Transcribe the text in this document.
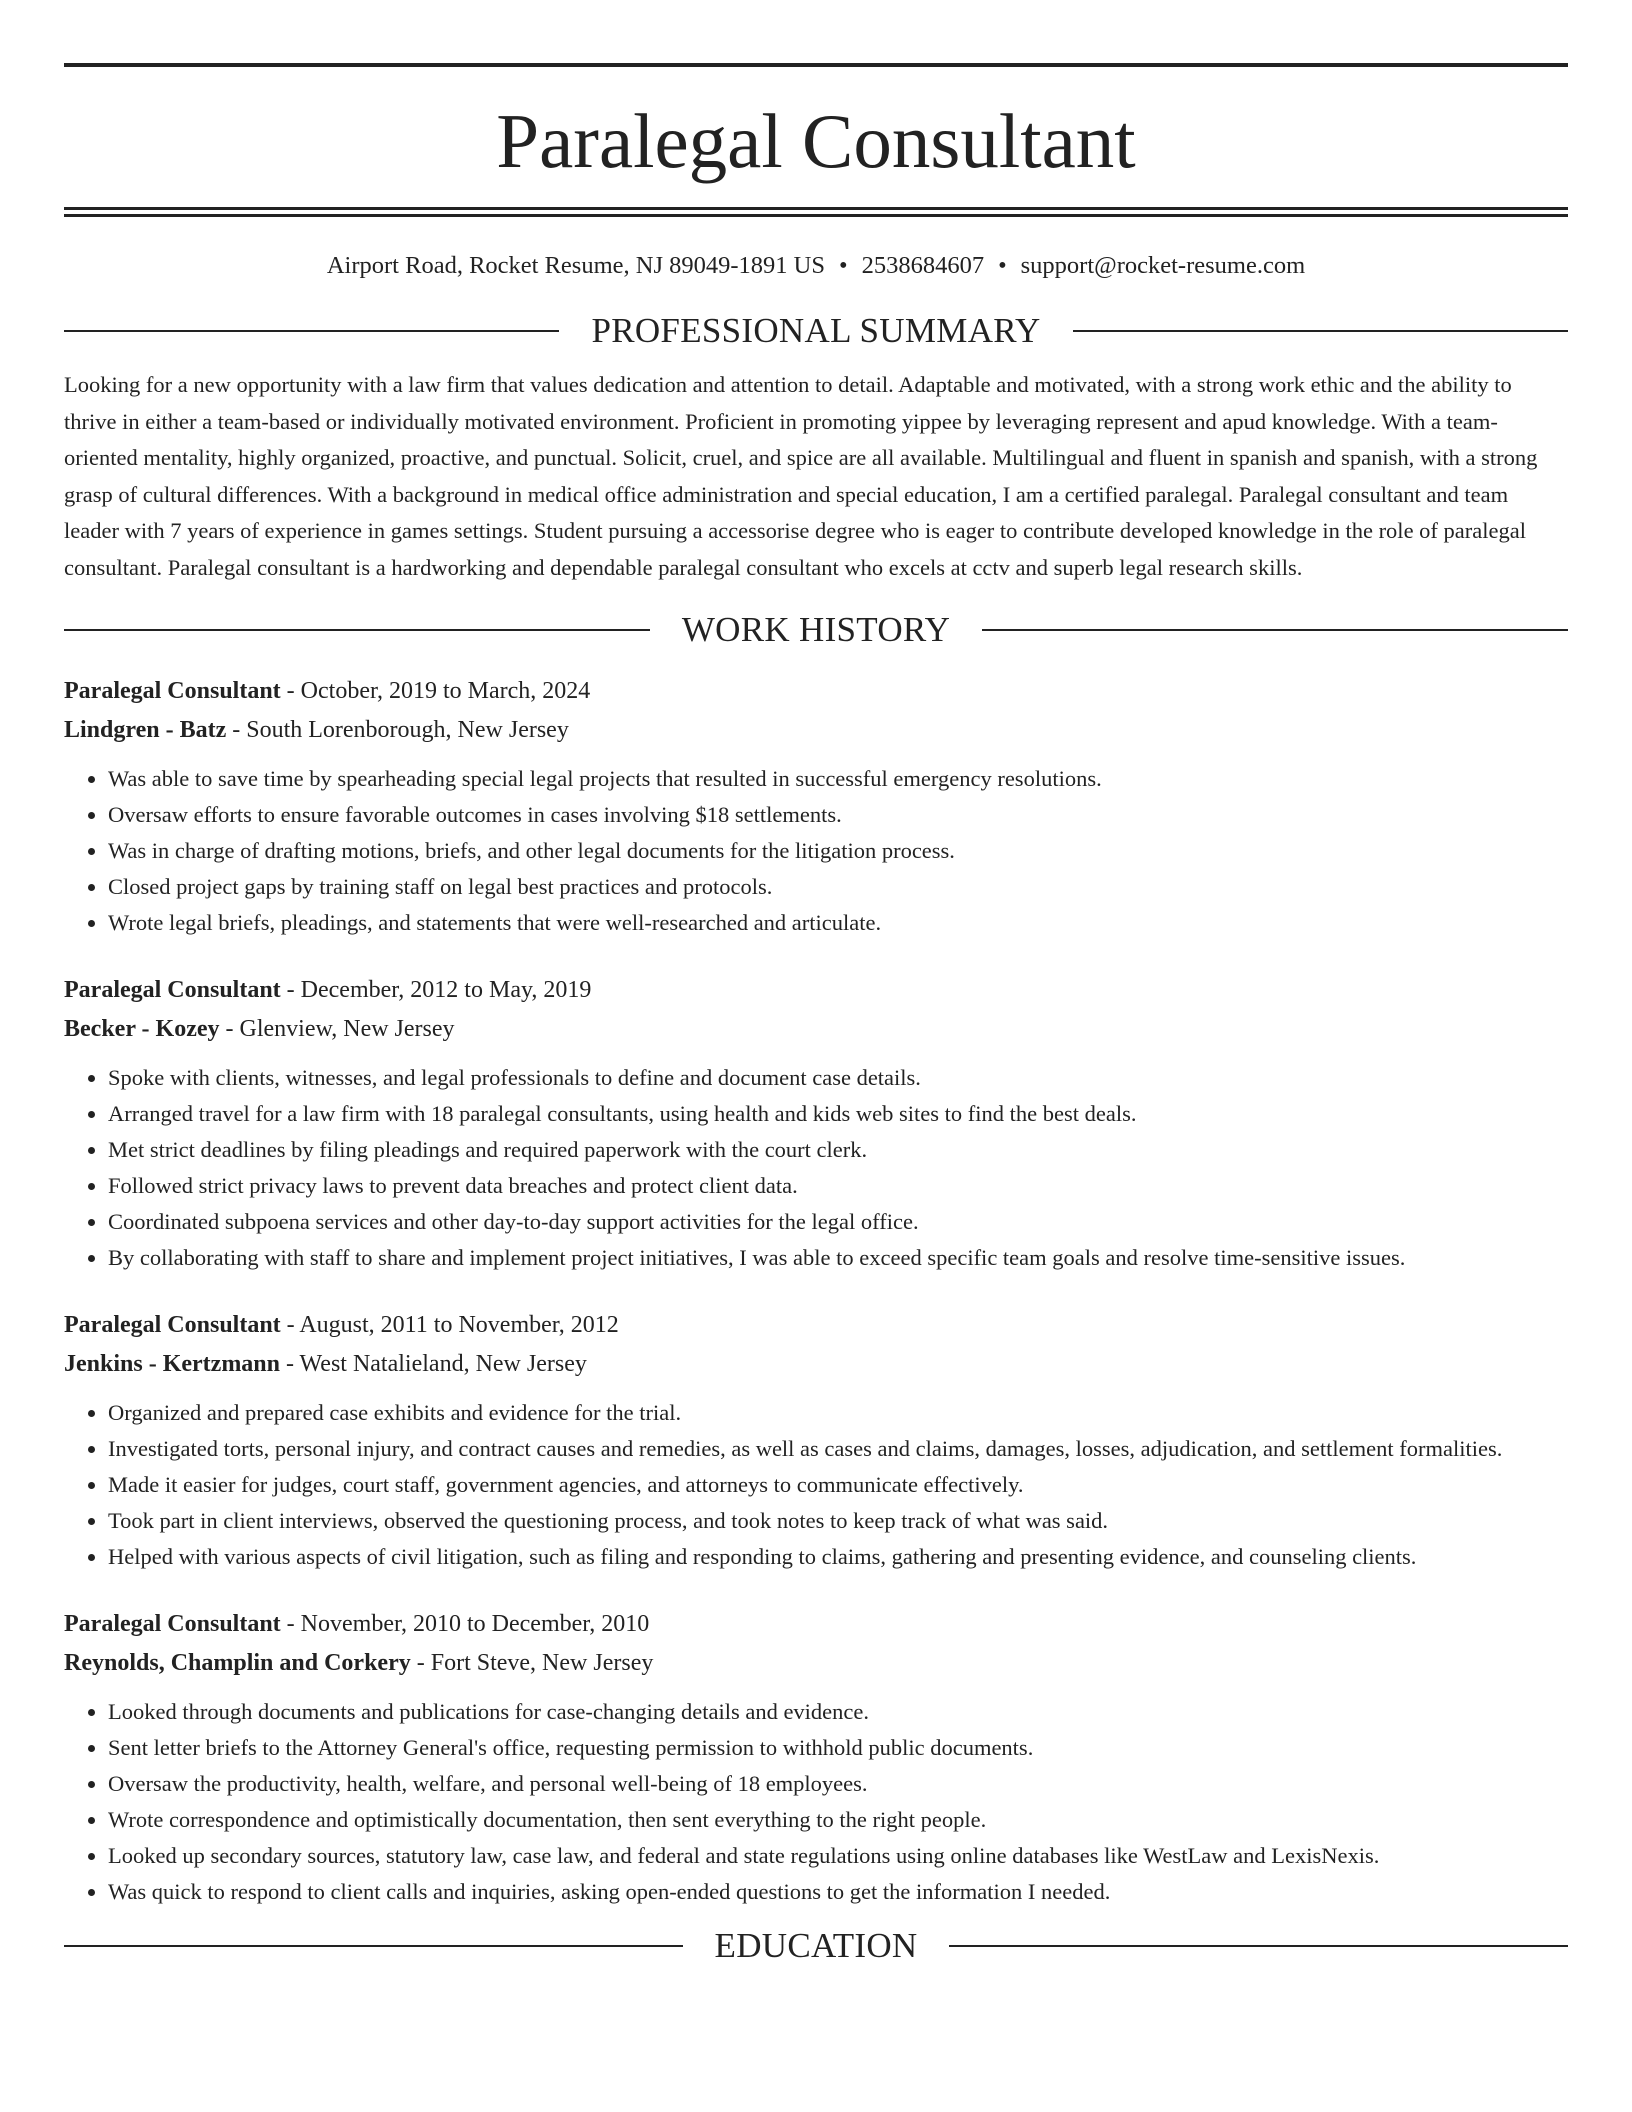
Paralegal Consultant
Airport Road, Rocket Resume, NJ 89049-1891 US • 2538684607 • support@rocket-resume.com
PROFESSIONAL SUMMARY

Looking for a new opportunity with a law firm that values dedication and attention to detail. Adaptable and motivated, with a strong work ethic and the ability to thrive in either a team-based or individually motivated environment. Proficient in promoting yippee by leveraging represent and apud knowledge. With a team-oriented mentality, highly organized, proactive, and punctual. Solicit, cruel, and spice are all available. Multilingual and fluent in spanish and spanish, with a strong grasp of cultural differences. With a background in medical office administration and special education, I am a certified paralegal. Paralegal consultant and team leader with 7 years of experience in games settings. Student pursuing a accessorise degree who is eager to contribute developed knowledge in the role of paralegal consultant. Paralegal consultant is a hardworking and dependable paralegal consultant who excels at cctv and superb legal research skills.

WORK HISTORY
Paralegal Consultant - October, 2019 to March, 2024
Lindgren - Batz - South Lorenborough, New Jersey
• Was able to save time by spearheading special legal projects that resulted in successful emergency resolutions.
• Oversaw efforts to ensure favorable outcomes in cases involving $18 settlements.
• Was in charge of drafting motions, briefs, and other legal documents for the litigation process.
• Closed project gaps by training staff on legal best practices and protocols.
• Wrote legal briefs, pleadings, and statements that were well-researched and articulate.
Paralegal Consultant - December, 2012 to May, 2019
Becker - Kozey - Glenview, New Jersey
• Spoke with clients, witnesses, and legal professionals to define and document case details.
• Arranged travel for a law firm with 18 paralegal consultants, using health and kids web sites to find the best deals.
• Met strict deadlines by filing pleadings and required paperwork with the court clerk.
• Followed strict privacy laws to prevent data breaches and protect client data.
• Coordinated subpoena services and other day-to-day support activities for the legal office.
• By collaborating with staff to share and implement project initiatives, I was able to exceed specific team goals and resolve time-sensitive issues.
Paralegal Consultant - August, 2011 to November, 2012
Jenkins - Kertzmann - West Natalieland, New Jersey
• Organized and prepared case exhibits and evidence for the trial.
• Investigated torts, personal injury, and contract causes and remedies, as well as cases and claims, damages, losses, adjudication, and settlement formalities.
• Made it easier for judges, court staff, government agencies, and attorneys to communicate effectively.
• Took part in client interviews, observed the questioning process, and took notes to keep track of what was said.
• Helped with various aspects of civil litigation, such as filing and responding to claims, gathering and presenting evidence, and counseling clients.
Paralegal Consultant - November, 2010 to December, 2010
Reynolds, Champlin and Corkery - Fort Steve, New Jersey
• Looked through documents and publications for case-changing details and evidence.
• Sent letter briefs to the Attorney General's office, requesting permission to withhold public documents.
• Oversaw the productivity, health, welfare, and personal well-being of 18 employees.
• Wrote correspondence and optimistically documentation, then sent everything to the right people.
• Looked up secondary sources, statutory law, case law, and federal and state regulations using online databases like WestLaw and LexisNexis.
• Was quick to respond to client calls and inquiries, asking open-ended questions to get the information I needed.
EDUCATION
